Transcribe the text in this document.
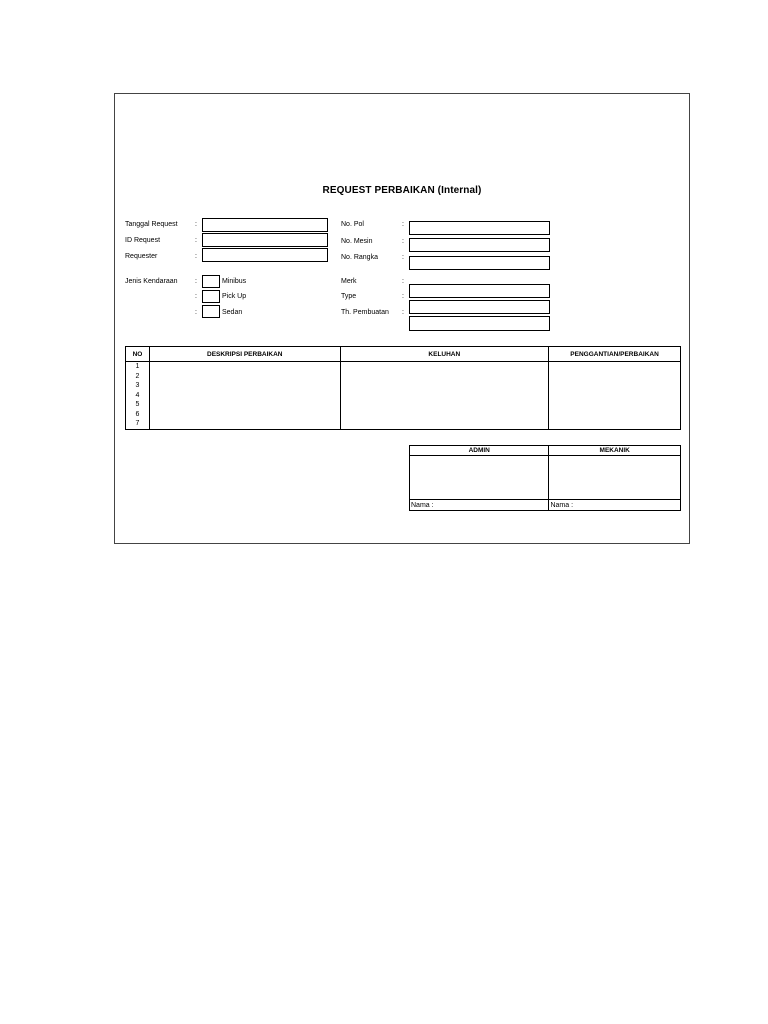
REQUEST PERBAIKAN (Internal)
Tanggal Request :
ID Request	:
Requester	:
Jenis Kendaraan :	Minibus
:	Pick Up
:	Sedan
No. Pol	:
No. Mesin	:
No. Rangka	:
Merk	:
Type	:
Th. Pembuatan :
NO	DESKRIPSI PERBAIKAN	KELUHAN	PENGGANTIAN/PERBAIKAN
1			
2			
3			
4			
5			
6			
7			
ADMIN	MEKANIK

Nama :	Nama :
